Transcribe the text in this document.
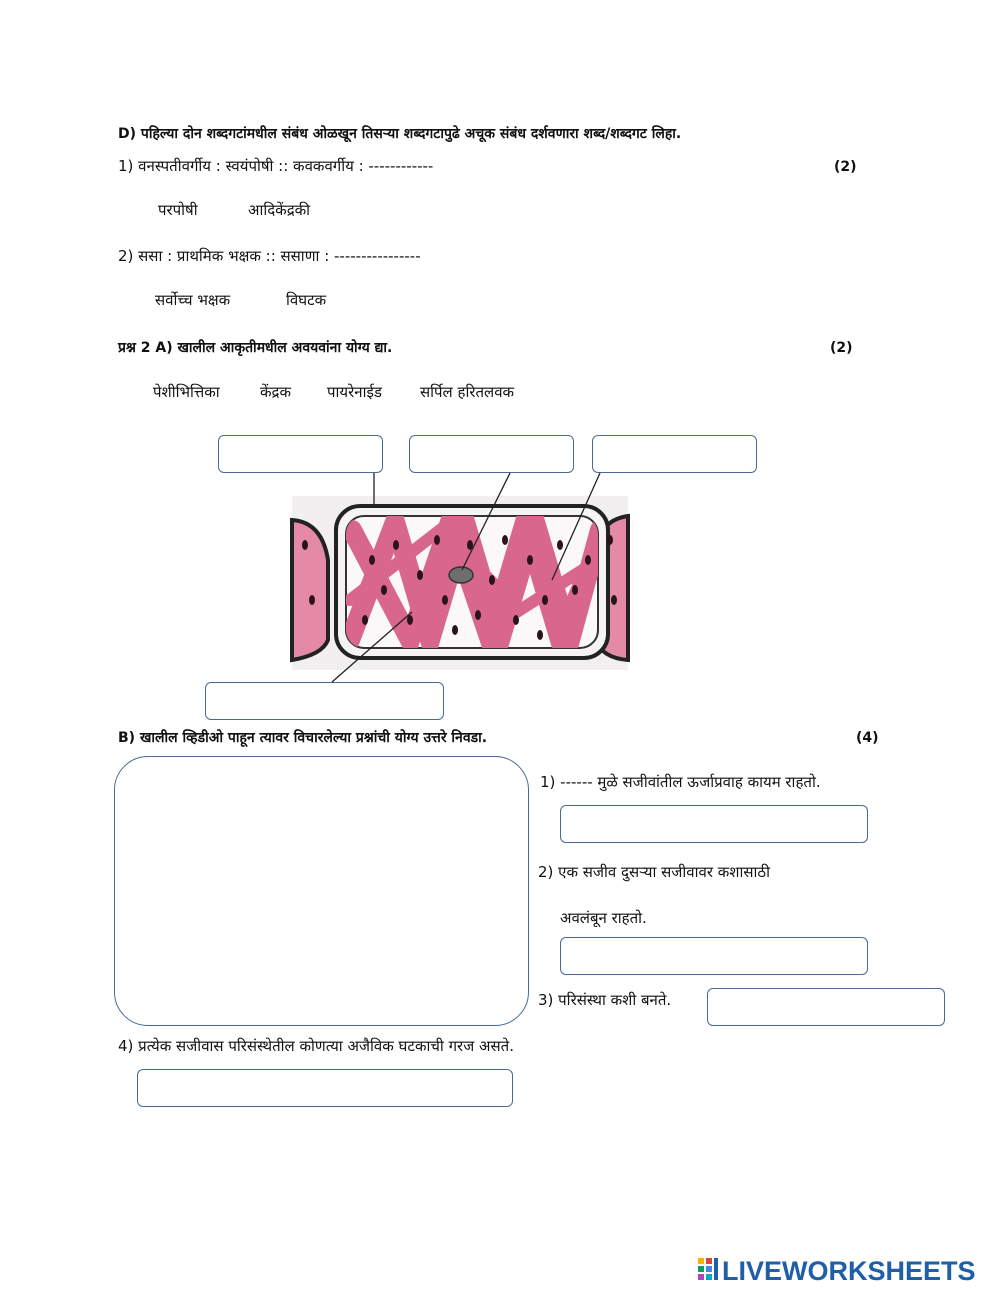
D) पहिल्या दोन शब्दगटांमधील संबंध ओळखून तिसऱ्या शब्दगटापुढे अचूक संबंध दर्शवणारा शब्द/शब्दगट लिहा.
1) वनस्पतीवर्गीय : स्वयंपोषी :: कवकवर्गीय : ------------	(2)
परपोषी	आदिकेंद्रकी
2) ससा : प्राथमिक भक्षक :: ससाणा : ----------------
सर्वोच्च भक्षक	विघटक
प्रश्न 2 A) खालील आकृतीमधील अवयवांना योग्य द्या.	(2)
पेशीभित्तिका	केंद्रक पायरेनाईड	सर्पिल हरितलवक
B) खालील व्हिडीओ पाहून त्यावर विचारलेल्या प्रश्नांची योग्य उत्तरे निवडा.	(4)
1) ------ मुळे सजीवांतील ऊर्जाप्रवाह कायम राहतो.
2) एक सजीव दुसऱ्या सजीवावर कशासाठी
अवलंबून राहतो.
3) परिसंस्था कशी बनते.
4) प्रत्येक सजीवास परिसंस्थेतील कोणत्या अजैविक घटकाची गरज असते.
LIVEWORKSHEETS
